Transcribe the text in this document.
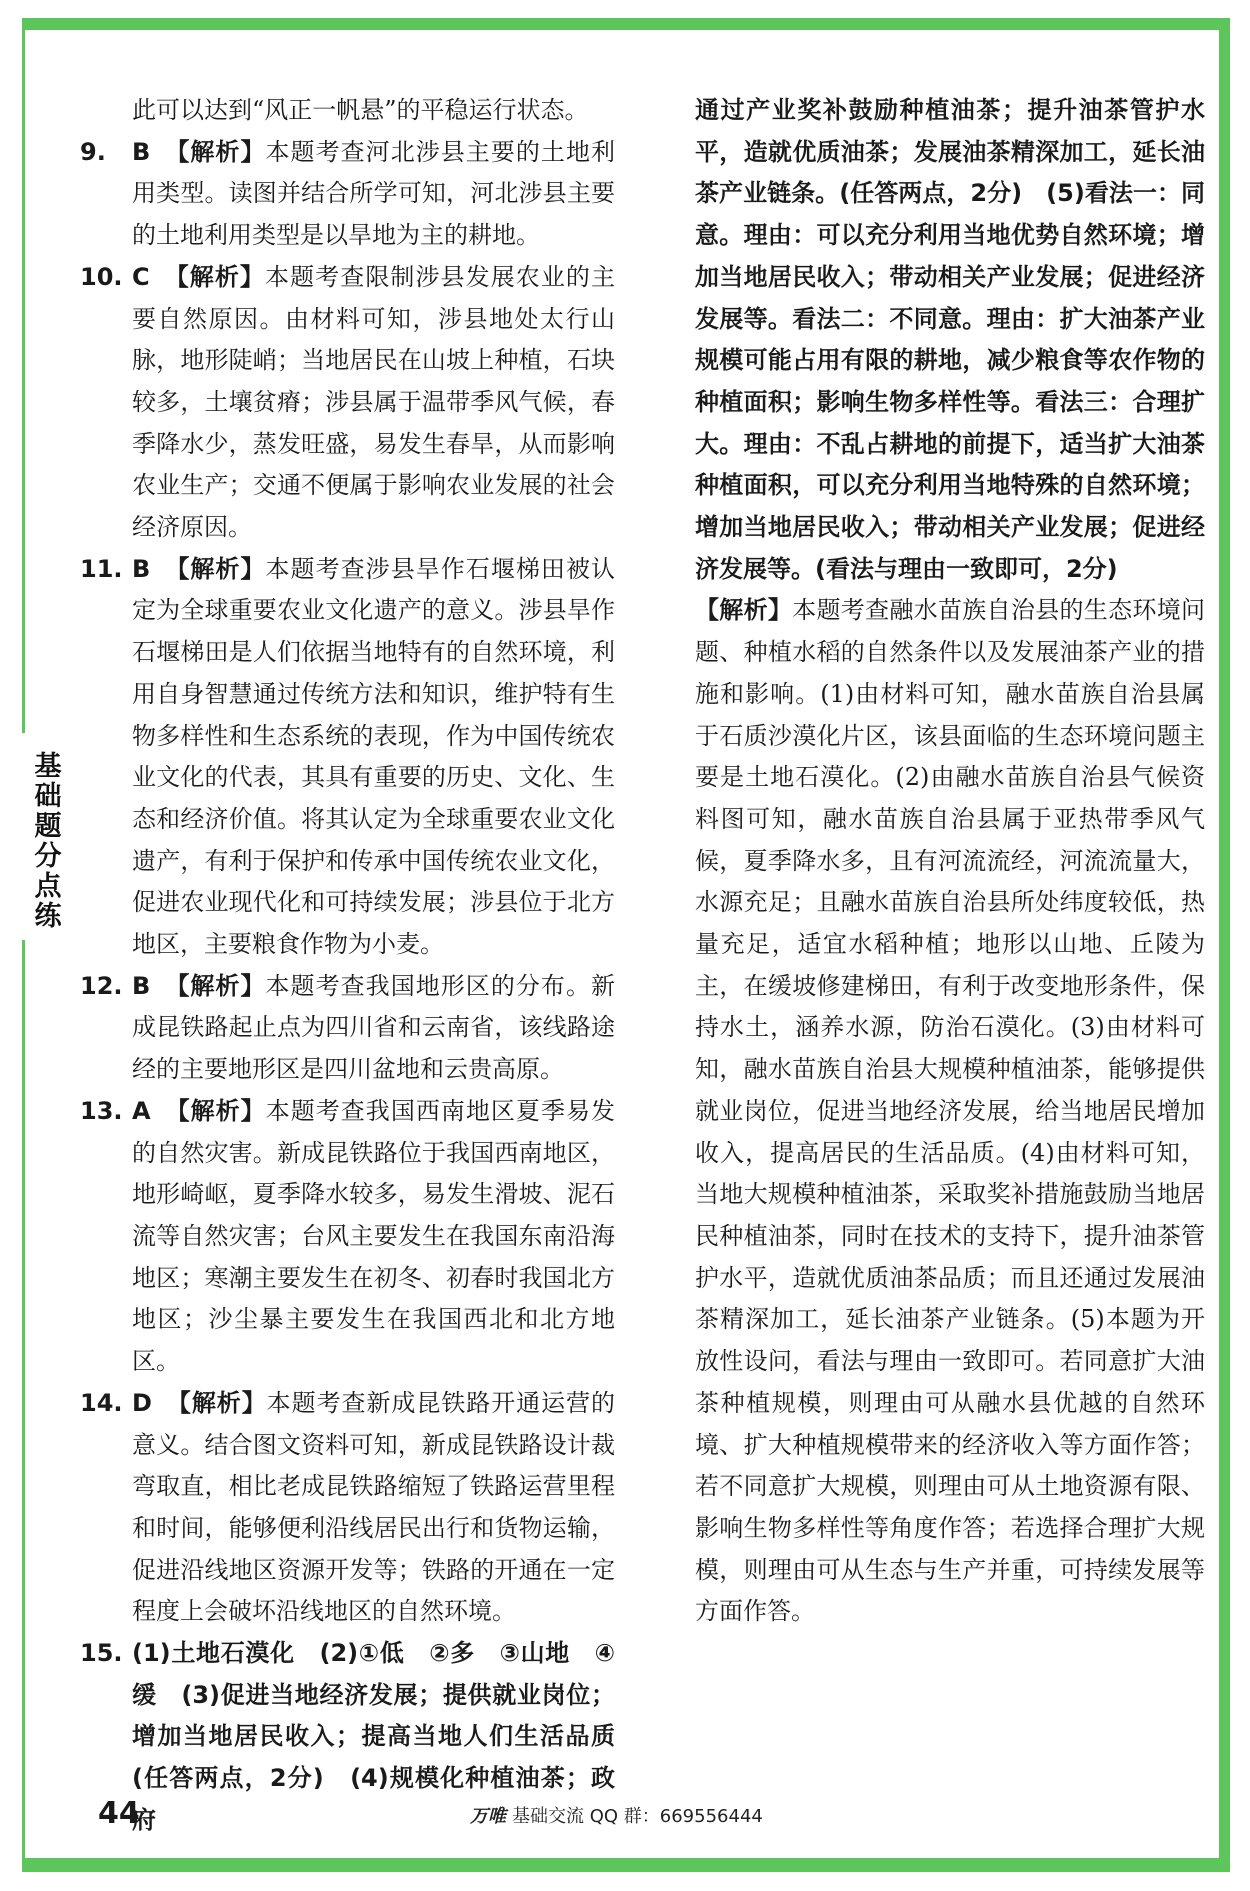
基
础
题
分
点
练

此可以达到“风正一帆悬”的平稳运行状态。

9. B 【解析】本题考查河北涉县主要的土地利用类型。读图并结合所学可知，河北涉县主要的土地利用类型是以旱地为主的耕地。

10. C 【解析】本题考查限制涉县发展农业的主要自然原因。由材料可知，涉县地处太行山脉，地形陡峭；当地居民在山坡上种植，石块较多，土壤贫瘠；涉县属于温带季风气候，春季降水少，蒸发旺盛，易发生春旱，从而影响农业生产；交通不便属于影响农业发展的社会经济原因。

11. B 【解析】本题考查涉县旱作石堰梯田被认定为全球重要农业文化遗产的意义。涉县旱作石堰梯田是人们依据当地特有的自然环境，利用自身智慧通过传统方法和知识，维护特有生物多样性和生态系统的表现，作为中国传统农业文化的代表，其具有重要的历史、文化、生态和经济价值。将其认定为全球重要农业文化遗产，有利于保护和传承中国传统农业文化，促进农业现代化和可持续发展；涉县位于北方地区，主要粮食作物为小麦。

12. B 【解析】本题考查我国地形区的分布。新成昆铁路起止点为四川省和云南省，该线路途经的主要地形区是四川盆地和云贵高原。

13. A 【解析】本题考查我国西南地区夏季易发的自然灾害。新成昆铁路位于我国西南地区，地形崎岖，夏季降水较多，易发生滑坡、泥石流等自然灾害；台风主要发生在我国东南沿海地区；寒潮主要发生在初冬、初春时我国北方地区；沙尘暴主要发生在我国西北和北方地区。

14. D 【解析】本题考查新成昆铁路开通运营的意义。结合图文资料可知，新成昆铁路设计裁弯取直，相比老成昆铁路缩短了铁路运营里程和时间，能够便利沿线居民出行和货物运输，促进沿线地区资源开发等；铁路的开通在一定程度上会破坏沿线地区的自然环境。

15. (1)土地石漠化　(2)①低　②多　③山地　④缓　(3)促进当地经济发展；提供就业岗位；增加当地居民收入；提高当地人们生活品质(任答两点，2分)　(4)规模化种植油茶；政府

通过产业奖补鼓励种植油茶；提升油茶管护水平，造就优质油茶；发展油茶精深加工，延长油茶产业链条。(任答两点，2分)　(5)看法一：同意。理由：可以充分利用当地优势自然环境；增加当地居民收入；带动相关产业发展；促进经济发展等。看法二：不同意。理由：扩大油茶产业规模可能占用有限的耕地，减少粮食等农作物的种植面积；影响生物多样性等。看法三：合理扩大。理由：不乱占耕地的前提下，适当扩大油茶种植面积，可以充分利用当地特殊的自然环境；增加当地居民收入；带动相关产业发展；促进经济发展等。(看法与理由一致即可，2分)

【解析】本题考查融水苗族自治县的生态环境问题、种植水稻的自然条件以及发展油茶产业的措施和影响。(1)由材料可知，融水苗族自治县属于石质沙漠化片区，该县面临的生态环境问题主要是土地石漠化。(2)由融水苗族自治县气候资料图可知，融水苗族自治县属于亚热带季风气候，夏季降水多，且有河流流经，河流流量大，水源充足；且融水苗族自治县所处纬度较低，热量充足，适宜水稻种植；地形以山地、丘陵为主，在缓坡修建梯田，有利于改变地形条件，保持水土，涵养水源，防治石漠化。(3)由材料可知，融水苗族自治县大规模种植油茶，能够提供就业岗位，促进当地经济发展，给当地居民增加收入，提高居民的生活品质。(4)由材料可知，当地大规模种植油茶，采取奖补措施鼓励当地居民种植油茶，同时在技术的支持下，提升油茶管护水平，造就优质油茶品质；而且还通过发展油茶精深加工，延长油茶产业链条。(5)本题为开放性设问，看法与理由一致即可。若同意扩大油茶种植规模，则理由可从融水县优越的自然环境、扩大种植规模带来的经济收入等方面作答；若不同意扩大规模，则理由可从土地资源有限、影响生物多样性等角度作答；若选择合理扩大规模，则理由可从生态与生产并重，可持续发展等方面作答。

44	万唯 基础交流 QQ 群：669556444
